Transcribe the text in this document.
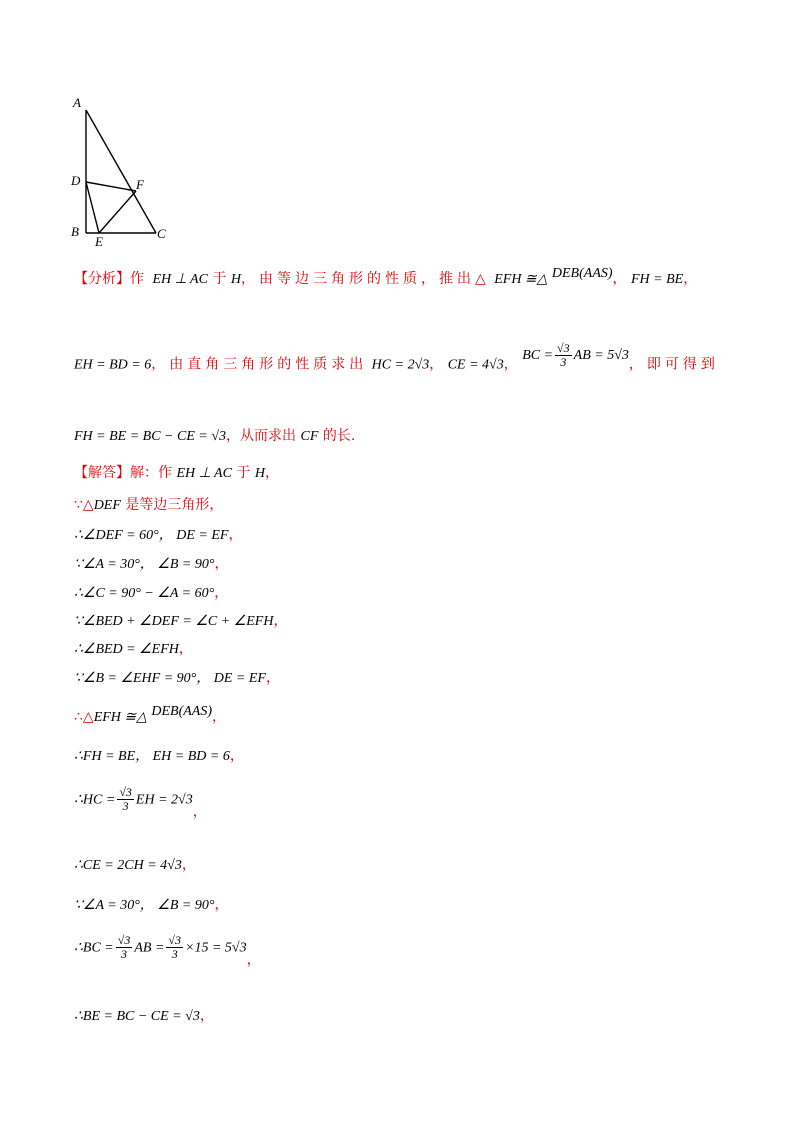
A
D	F
B
E
C
【分析】作 EH ⊥ AC 于 H，由等边三角形的性质，推出△ EFH ≅△ DEB(AAS)， FH = BE，
EH = BD = 6，由直角三角形的性质求出 HC = 2√3， CE = 4√3， BC = $\frac{√3}{3}$ AB = 5√3，即可得到
FH = BE = BC − CE = √3，从而求出 CF 的长.
【解答】解：作 EH ⊥ AC 于 H，
∵△DEF 是等边三角形，
∴∠DEF = 60°， DE = EF，
∵∠A = 30°， ∠B = 90°，
∴∠C = 90° − ∠A = 60°，
∵∠BED + ∠DEF = ∠C + ∠EFH，
∴∠BED = ∠EFH，
∵∠B = ∠EHF = 90°， DE = EF，
∴△EFH ≅△ DEB(AAS)，
∴FH = BE， EH = BD = 6，
∴HC = $\frac{√3}{3}$ EH = 2√3，
∴CE = 2CH = 4√3，
∵∠A = 30°， ∠B = 90°，
∴BC = $\frac{√3}{3}$ AB = $\frac{√3}{3} \times 15 = 5√3$，
∴BE = BC − CE = √3，
